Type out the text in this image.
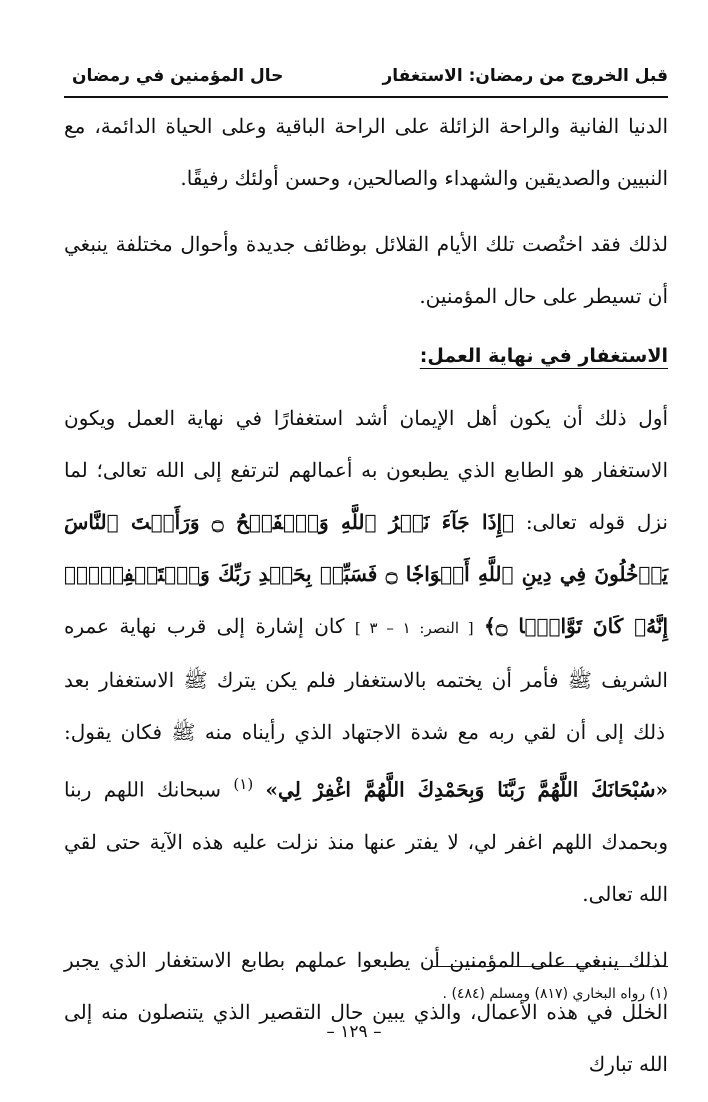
قبل الخروج من رمضان: الاستغفار
حال المؤمنين في رمضان

الدنيا الفانية والراحة الزائلة على الراحة الباقية وعلى الحياة الدائمة، مع النبيين والصديقين والشهداء والصالحين، وحسن أولئك رفيقًا.

لذلك فقد اختُصت تلك الأيام القلائل بوظائف جديدة وأحوال مختلفة ينبغي أن تسيطر على حال المؤمنين.

الاستغفار في نهاية العمل:

أول ذلك أن يكون أهل الإيمان أشد استغفارًا في نهاية العمل ويكون الاستغفار هو الطابع الذي يطبعون به أعمالهم لترتفع إلى الله تعالى؛ لما نزل قوله تعالى: ﴿إِذَا جَآءَ نَصۡرُ ٱللَّهِ وَٱلۡفَتۡحُ ۝ وَرَأَيۡتَ ٱلنَّاسَ يَدۡخُلُونَ فِي دِينِ ٱللَّهِ أَفۡوَاجٗا ۝ فَسَبِّحۡ بِحَمۡدِ رَبِّكَ وَٱسۡتَغۡفِرۡهُۚ إِنَّهُۥ كَانَ تَوَّابَۢا ۝﴾ [ النصر: ١ – ٣ ] كان إشارة إلى قرب نهاية عمره الشريف ﷺ فأمر أن يختمه بالاستغفار فلم يكن يترك ﷺ الاستغفار بعد ذلك إلى أن لقي ربه مع شدة الاجتهاد الذي رأيناه منه ﷺ فكان يقول: «سُبْحَانَكَ اللَّهُمَّ رَبَّنَا وَبِحَمْدِكَ اللَّهُمَّ اغْفِرْ لِي» $^{(١)}$ سبحانك اللهم ربنا وبحمدك اللهم اغفر لي، لا يفتر عنها منذ نزلت عليه هذه الآية حتى لقي الله تعالى.

لذلك ينبغي على المؤمنين أن يطبعوا عملهم بطابع الاستغفار الذي يجبر الخلل في هذه الأعمال، والذي يبين حال التقصير الذي يتنصلون منه إلى الله تبارك

(١) رواه البخاري (٨١٧) ومسلم (٤٨٤) .
– ١٢٩ –
